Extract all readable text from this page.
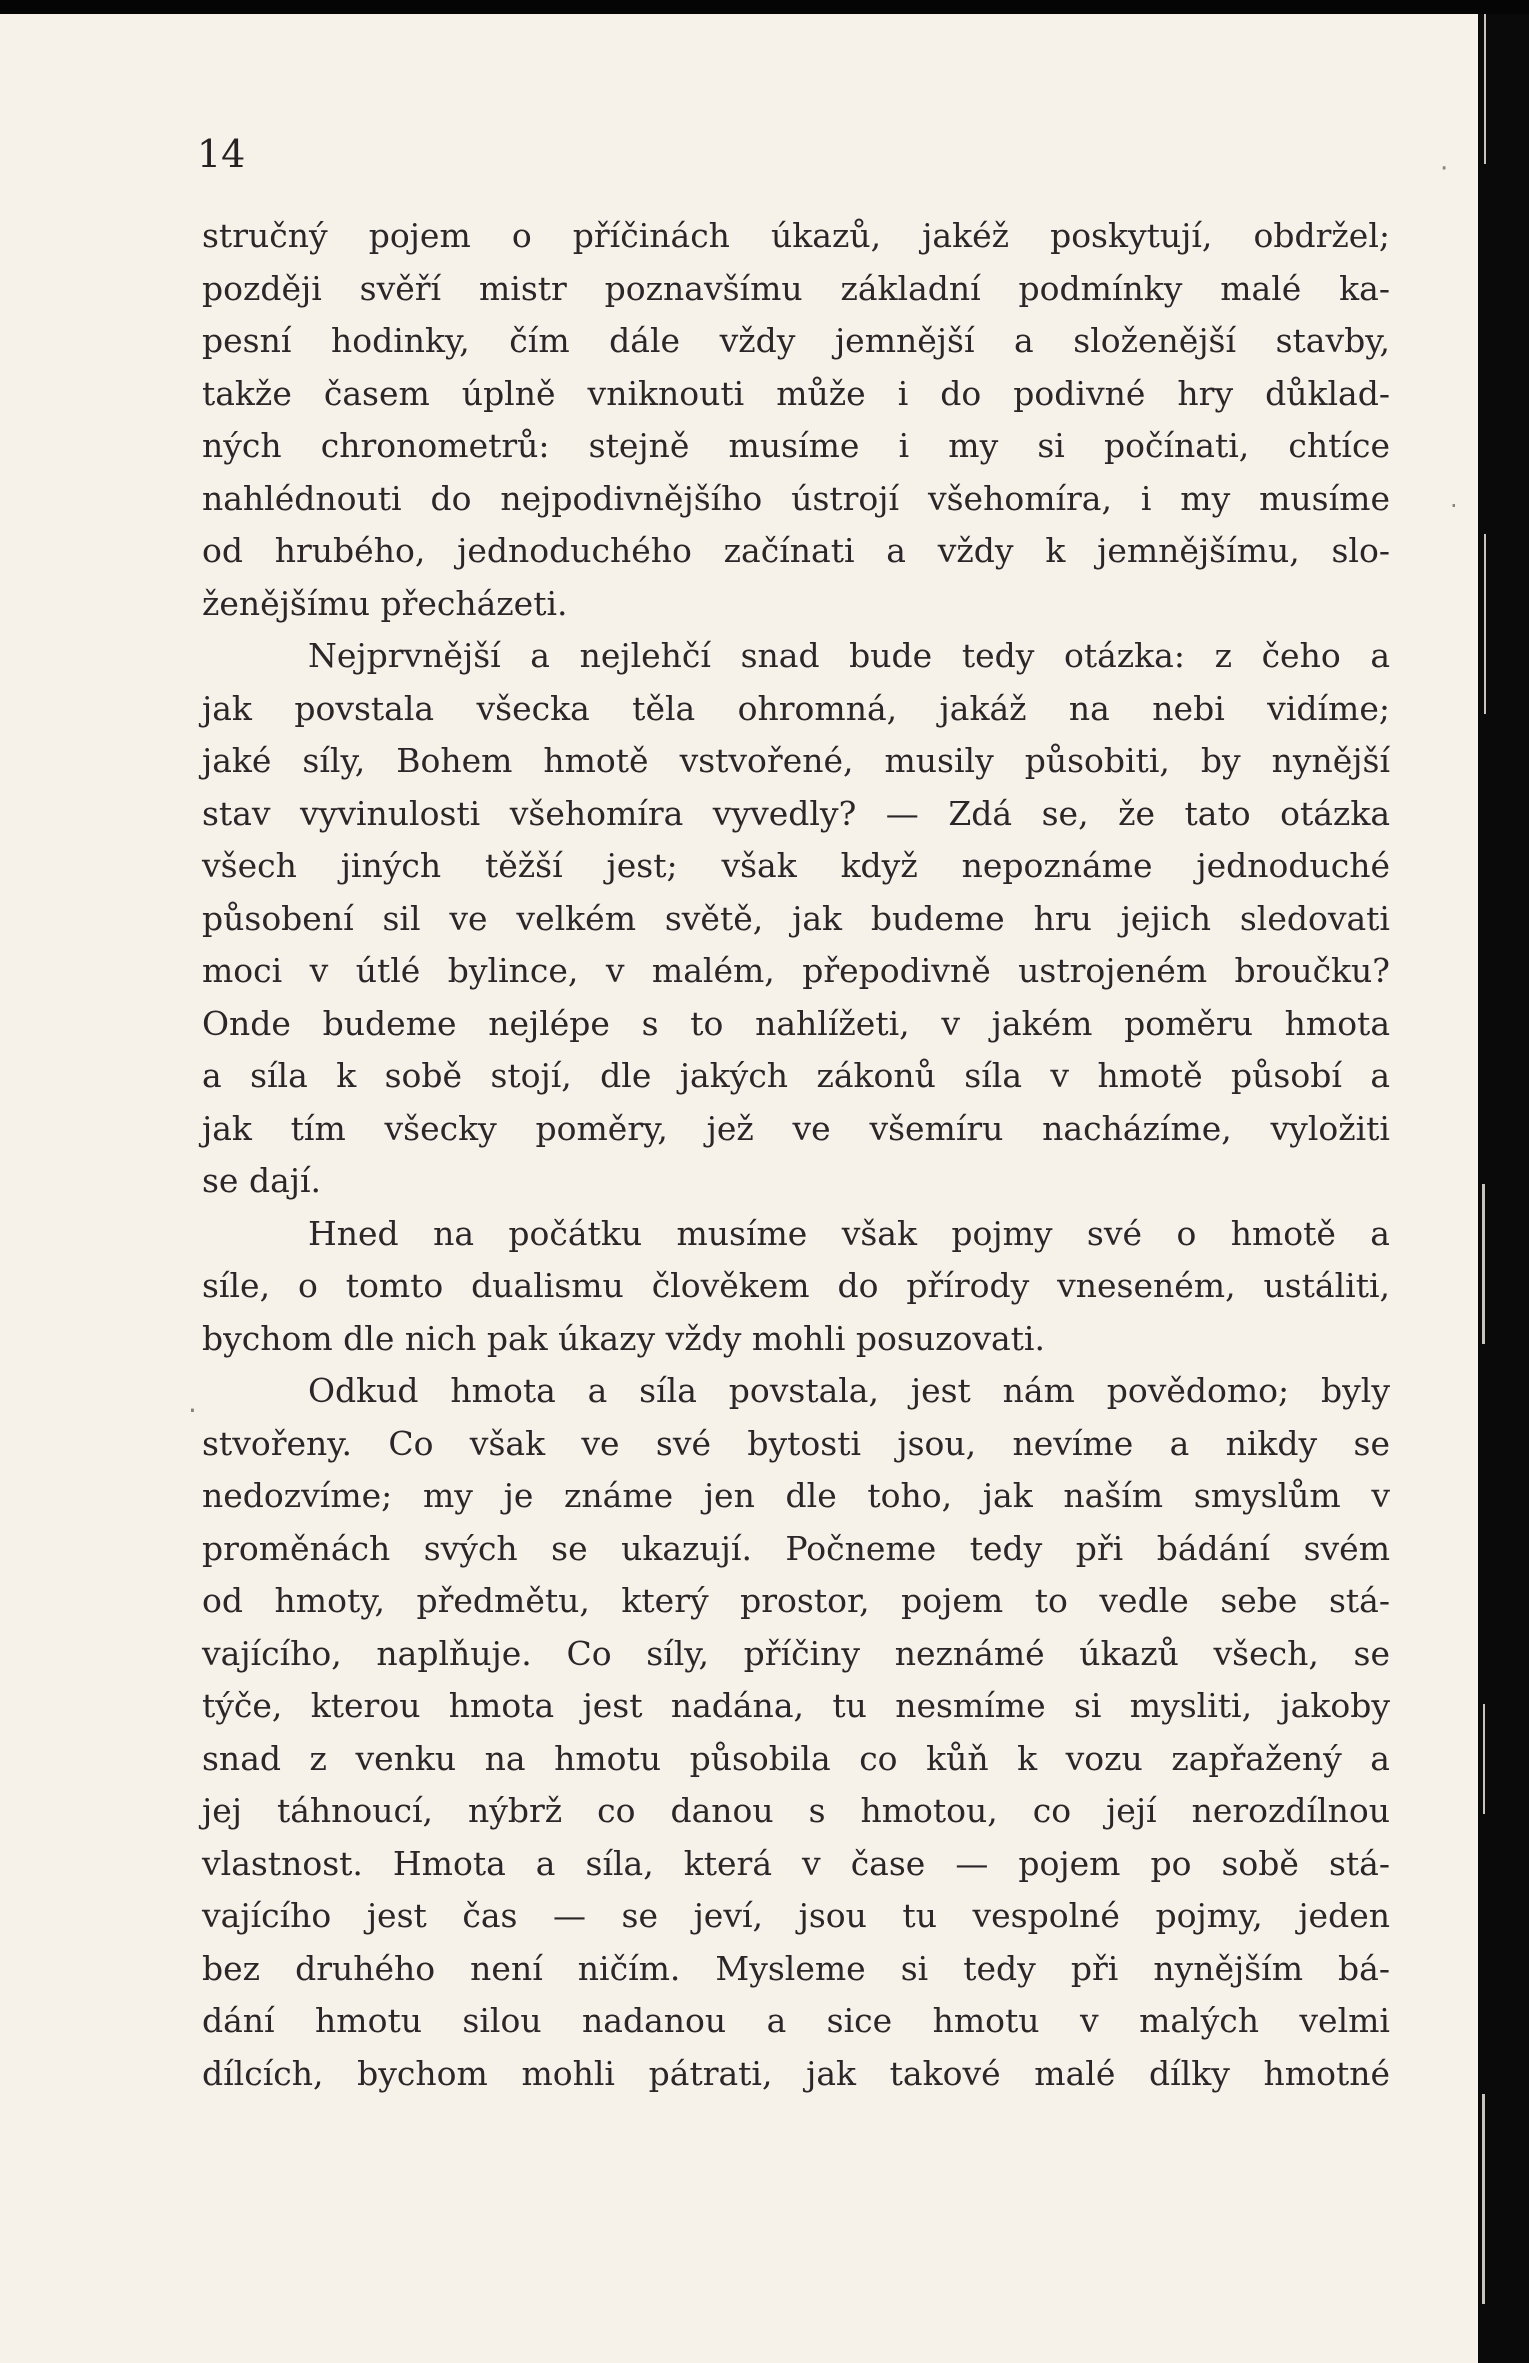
14
stručný pojem o příčinách úkazů, jakéž poskytují, obdržel;
později svěří mistr poznavšímu základní podmínky malé ka-
pesní hodinky, čím dále vždy jemnější a složenější stavby,
takže časem úplně vniknouti může i do podivné hry důklad-
ných chronometrů: stejně musíme i my si počínati, chtíce
nahlédnouti do nejpodivnějšího ústrojí všehomíra, i my musíme
od hrubého, jednoduchého začínati a vždy k jemnějšímu, slo-
ženějšímu přecházeti.
Nejprvnější a nejlehčí snad bude tedy otázka: z čeho a
jak povstala všecka těla ohromná, jakáž na nebi vidíme;
jaké síly, Bohem hmotě vstvořené, musily působiti, by nynější
stav vyvinulosti všehomíra vyvedly? — Zdá se, že tato otázka
všech jiných těžší jest; však když nepoznáme jednoduché
působení sil ve velkém světě, jak budeme hru jejich sledovati
moci v útlé bylince, v malém, přepodivně ustrojeném broučku?
Onde budeme nejlépe s to nahlížeti, v jakém poměru hmota
a síla k sobě stojí, dle jakých zákonů síla v hmotě působí a
jak tím všecky poměry, jež ve všemíru nacházíme, vyložiti
se dají.
Hned na počátku musíme však pojmy své o hmotě a
síle, o tomto dualismu člověkem do přírody vneseném, ustáliti,
bychom dle nich pak úkazy vždy mohli posuzovati.
Odkud hmota a síla povstala, jest nám povědomo; byly
stvořeny. Co však ve své bytosti jsou, nevíme a nikdy se
nedozvíme; my je známe jen dle toho, jak naším smyslům v
proměnách svých se ukazují. Počneme tedy při bádání svém
od hmoty, předmětu, který prostor, pojem to vedle sebe stá-
vajícího, naplňuje. Co síly, příčiny neznámé úkazů všech, se
týče, kterou hmota jest nadána, tu nesmíme si mysliti, jakoby
snad z venku na hmotu působila co kůň k vozu zapřažený a
jej táhnoucí, nýbrž co danou s hmotou, co její nerozdílnou
vlastnost. Hmota a síla, která v čase — pojem po sobě stá-
vajícího jest čas — se jeví, jsou tu vespolné pojmy, jeden
bez druhého není ničím. Mysleme si tedy při nynějším bá-
dání hmotu silou nadanou a sice hmotu v malých velmi
dílcích, bychom mohli pátrati, jak takové malé dílky hmotné
·
·
·
